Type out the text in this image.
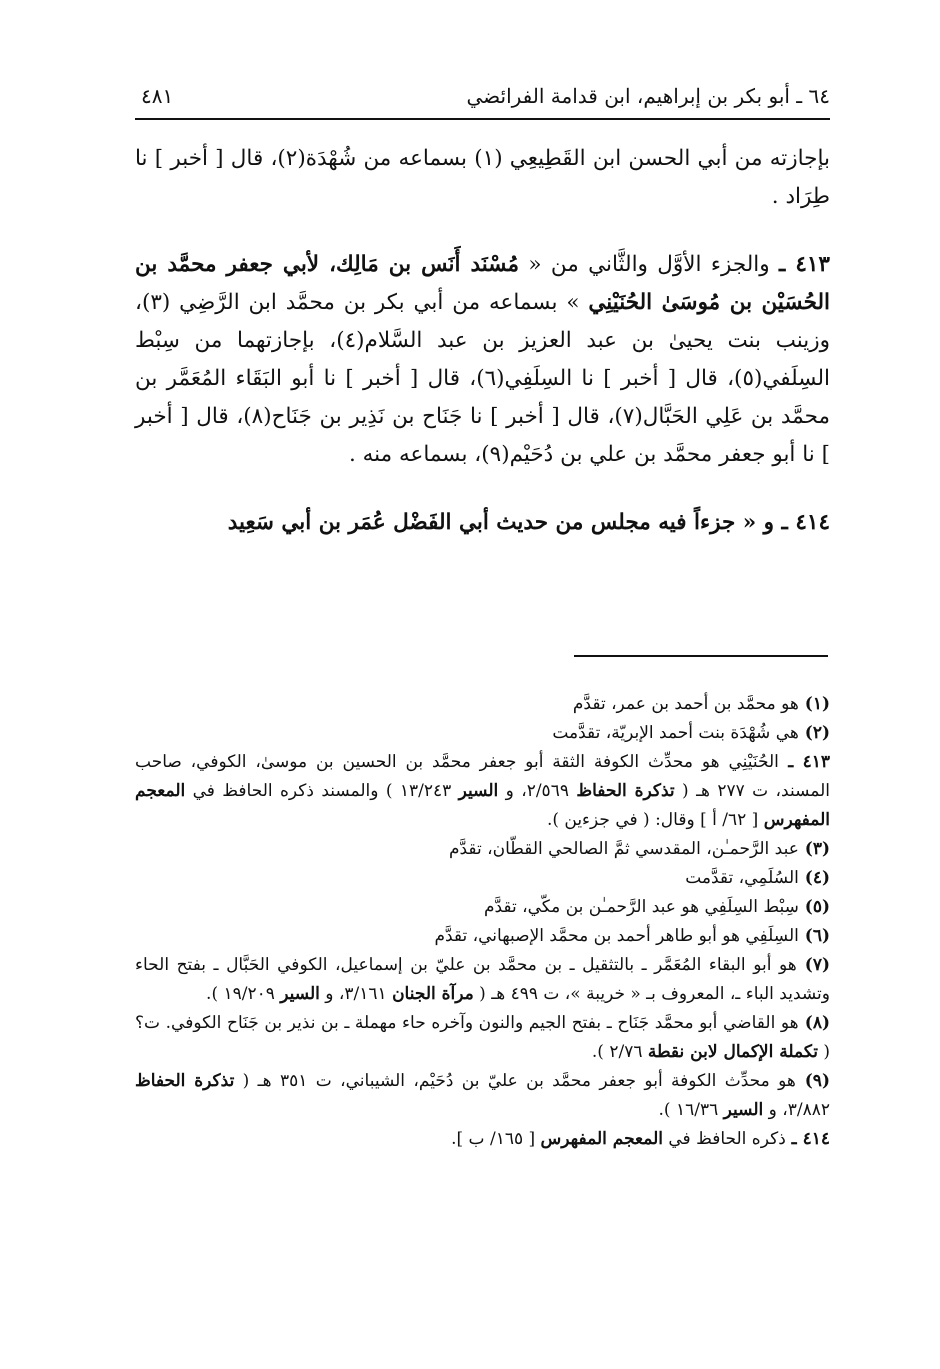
٦٤ ـ أبو بكر بن إبراهيم، ابن قدامة الفرائضي
٤٨١

بإجازته من أبي الحسن ابن القَطِيعِي (١) بسماعه من شُهْدَة(٢)، قال [ أخبر ] نا طِرَاد .

٤١٣ ـ والجزء الأوَّل والثَّاني من « مُسْنَد أَنَس بن مَالِك، لأبي جعفر محمَّد بن الحُسَيْن بن مُوسَىٰ الحُنَيْنِي » بسماعه من أبي بكر بن محمَّد ابن الرَّضِي (٣)، وزينب بنت يحيىٰ بن عبد العزيز بن عبد السَّلام(٤)، بإجازتهما من سِبْط السِلَفي(٥)، قال [ أخبر ] نا السِلَفِي(٦)، قال [ أخبر ] نا أبو البَقَاء المُعَمَّر بن محمَّد بن عَلِي الحَبَّال(٧)، قال [ أخبر ] نا جَنَاح بن نَذِير بن جَنَاح(٨)، قال [ أخبر ] نا أبو جعفر محمَّد بن علي بن دُحَيْم(٩)، بسماعه منه .

٤١٤ ـ و « جزءاً فيه مجلس من حديث أبي الفَضْل عُمَر بن أبي سَعِيد

(١) هو محمَّد بن أحمد بن عمر، تقدَّم

(٢) هي شُهْدَة بنت أحمد الإبريّة، تقدَّمت

٤١٣ ـ الحُنَيْنِي هو محدِّث الكوفة الثقة أبو جعفر محمَّد بن الحسين بن موسىٰ، الكوفي، صاحب المسند، ت ٢٧٧ هـ ( تذكرة الحفاظ ٢/٥٦٩، و السير ١٣/٢٤٣ ) والمسند ذكره الحافظ في المعجم المفهرس [ ٦٢/ أ ] وقال: ( في جزءين ).

(٣) عبد الرَّحمـٰن، المقدسي ثمَّ الصالحي القطّان، تقدَّم

(٤) السُلَمِي، تقدَّمت

(٥) سِبْط السِلَفِي هو عبد الرَّحمـٰن بن مكّي، تقدَّم

(٦) السِلَفِي هو أبو طاهر أحمد بن محمَّد الإصبهاني، تقدَّم

(٧) هو أبو البقاء المُعَمَّر ـ بالتثقيل ـ بن محمَّد بن عليّ بن إسماعيل، الكوفي الحَبَّال ـ بفتح الحاء وتشديد الباء ـ، المعروف بـ « خريبة »، ت ٤٩٩ هـ ( مرآة الجنان ٣/١٦١، و السير ١٩/٢٠٩ ).

(٨) هو القاضي أبو محمَّد جَنَاح ـ بفتح الجيم والنون وآخره حاء مهملة ـ بن نذير بن جَنَاح الكوفي. ت؟ ( تكملة الإكمال لابن نقطة ٢/٧٦ ).

(٩) هو محدِّث الكوفة أبو جعفر محمَّد بن عليّ بن دُحَيْم، الشيباني، ت ٣٥١ هـ ( تذكرة الحفاظ ٣/٨٨٢، و السير ١٦/٣٦ ).

٤١٤ ـ ذكره الحافظ في المعجم المفهرس [ ١٦٥/ ب ].
